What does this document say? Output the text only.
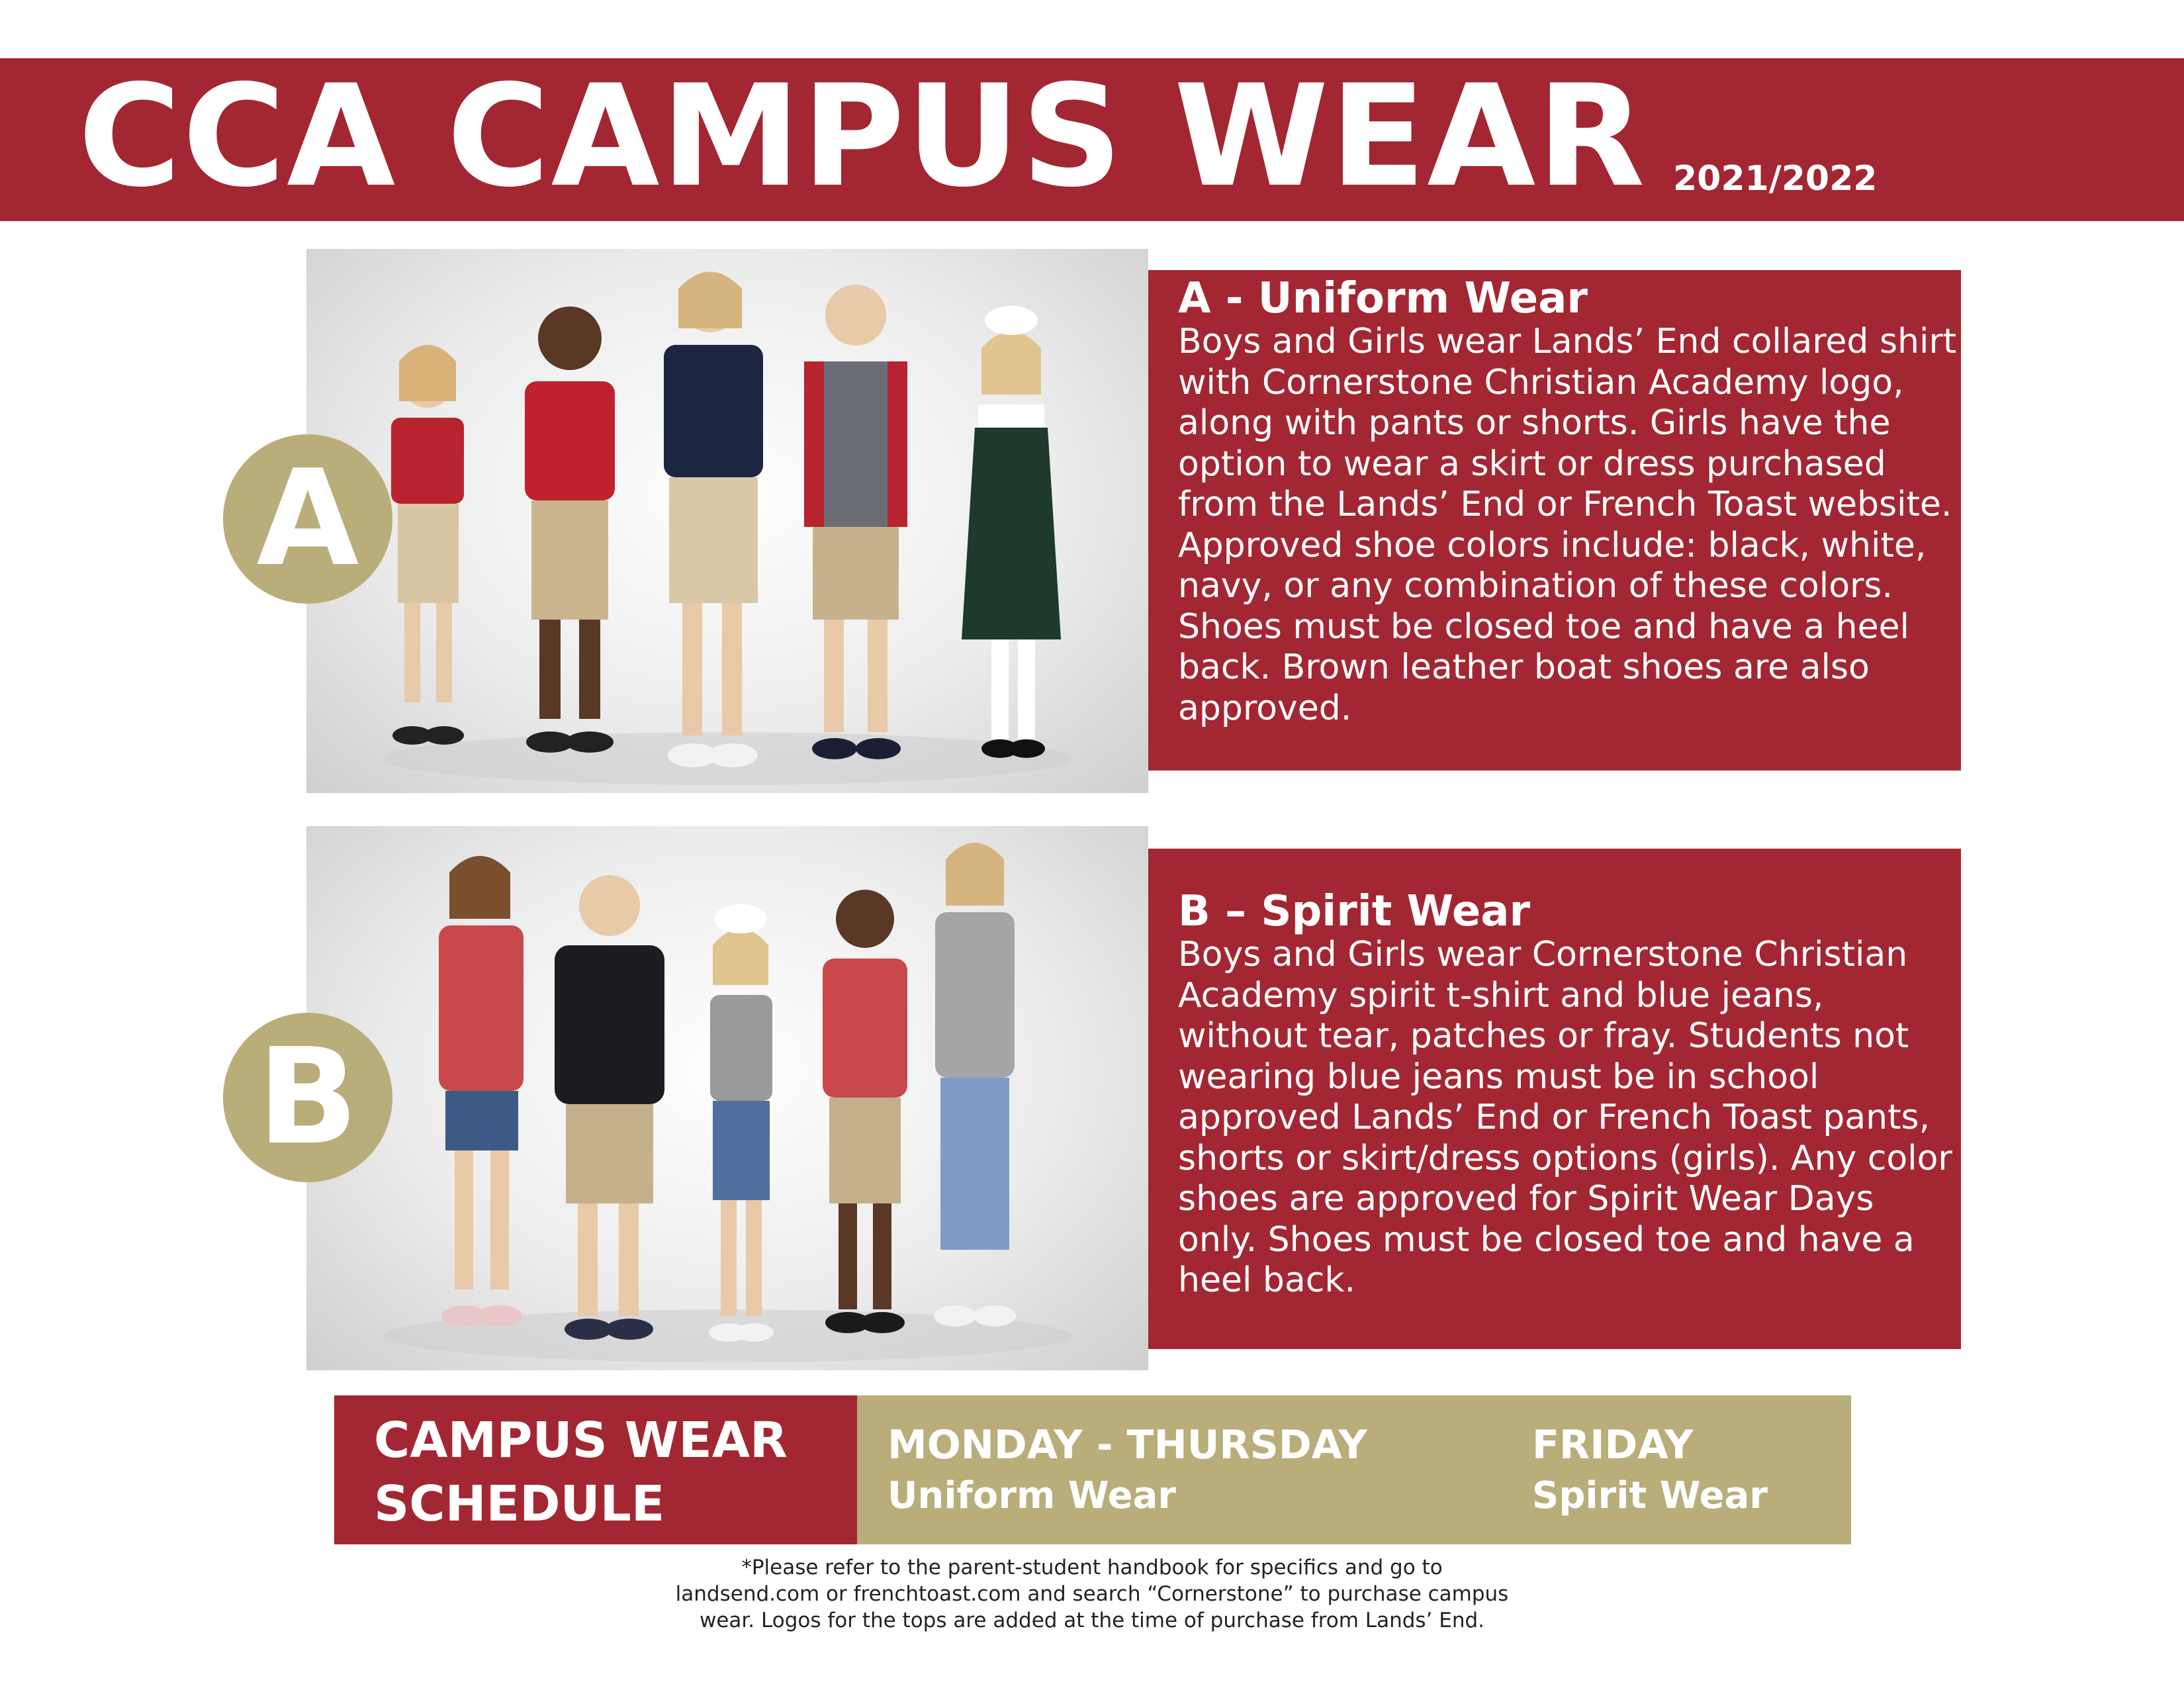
CCA CAMPUS WEAR 2021/2022
A
A - Uniform Wear

Boys and Girls wear Lands’ End collared shirt with Cornerstone Christian Academy logo, along with pants or shorts. Girls have the option to wear a skirt or dress purchased from the Lands’ End or French Toast website. Approved shoe colors include: black, white, navy, or any combination of these colors. Shoes must be closed toe and have a heel back. Brown leather boat shoes are also approved.

B
B – Spirit Wear

Boys and Girls wear Cornerstone Christian Academy spirit t-shirt and blue jeans, without tear, patches or fray. Students not wearing blue jeans must be in school approved Lands’ End or French Toast pants, shorts or skirt/dress options (girls). Any color shoes are approved for Spirit Wear Days only. Shoes must be closed toe and have a heel back.

CAMPUS WEAR
SCHEDULE
MONDAY - THURSDAY
Uniform Wear
FRIDAY
Spirit Wear
*Please refer to the parent-student handbook for specifics and go to
landsend.com or frenchtoast.com and search “Cornerstone” to purchase campus
wear. Logos for the tops are added at the time of purchase from Lands’ End.
